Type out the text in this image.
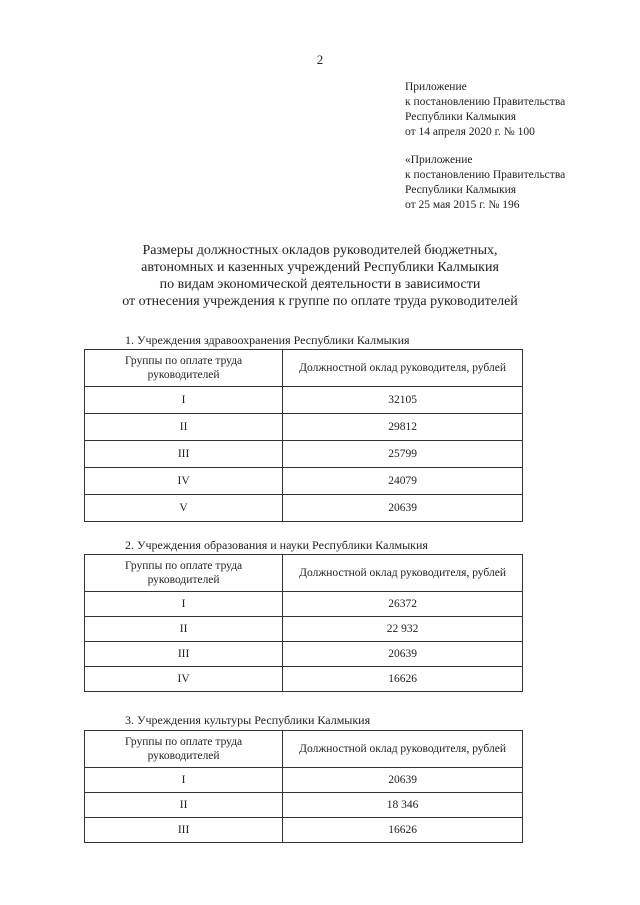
2
Приложение
к постановлению Правительства
Республики Калмыкия
от 14 апреля 2020 г. № 100
«Приложение
к постановлению Правительства
Республики Калмыкия
от 25 мая 2015 г. № 196
Размеры должностных окладов руководителей бюджетных,
автономных и казенных учреждений Республики Калмыкия
по видам экономической деятельности в зависимости
от отнесения учреждения к группе по оплате труда руководителей
1. Учреждения здравоохранения Республики Калмыкия
Группы по оплате труда
руководителей	Должностной оклад руководителя, рублей
I	32105
II	29812
III	25799
IV	24079
V	20639
2. Учреждения образования и науки Республики Калмыкия
Группы по оплате труда
руководителей	Должностной оклад руководителя, рублей
I	26372
II	22 932
III	20639
IV	16626
3. Учреждения культуры Республики Калмыкия
Группы по оплате труда
руководителей	Должностной оклад руководителя, рублей
I	20639
II	18 346
III	16626
